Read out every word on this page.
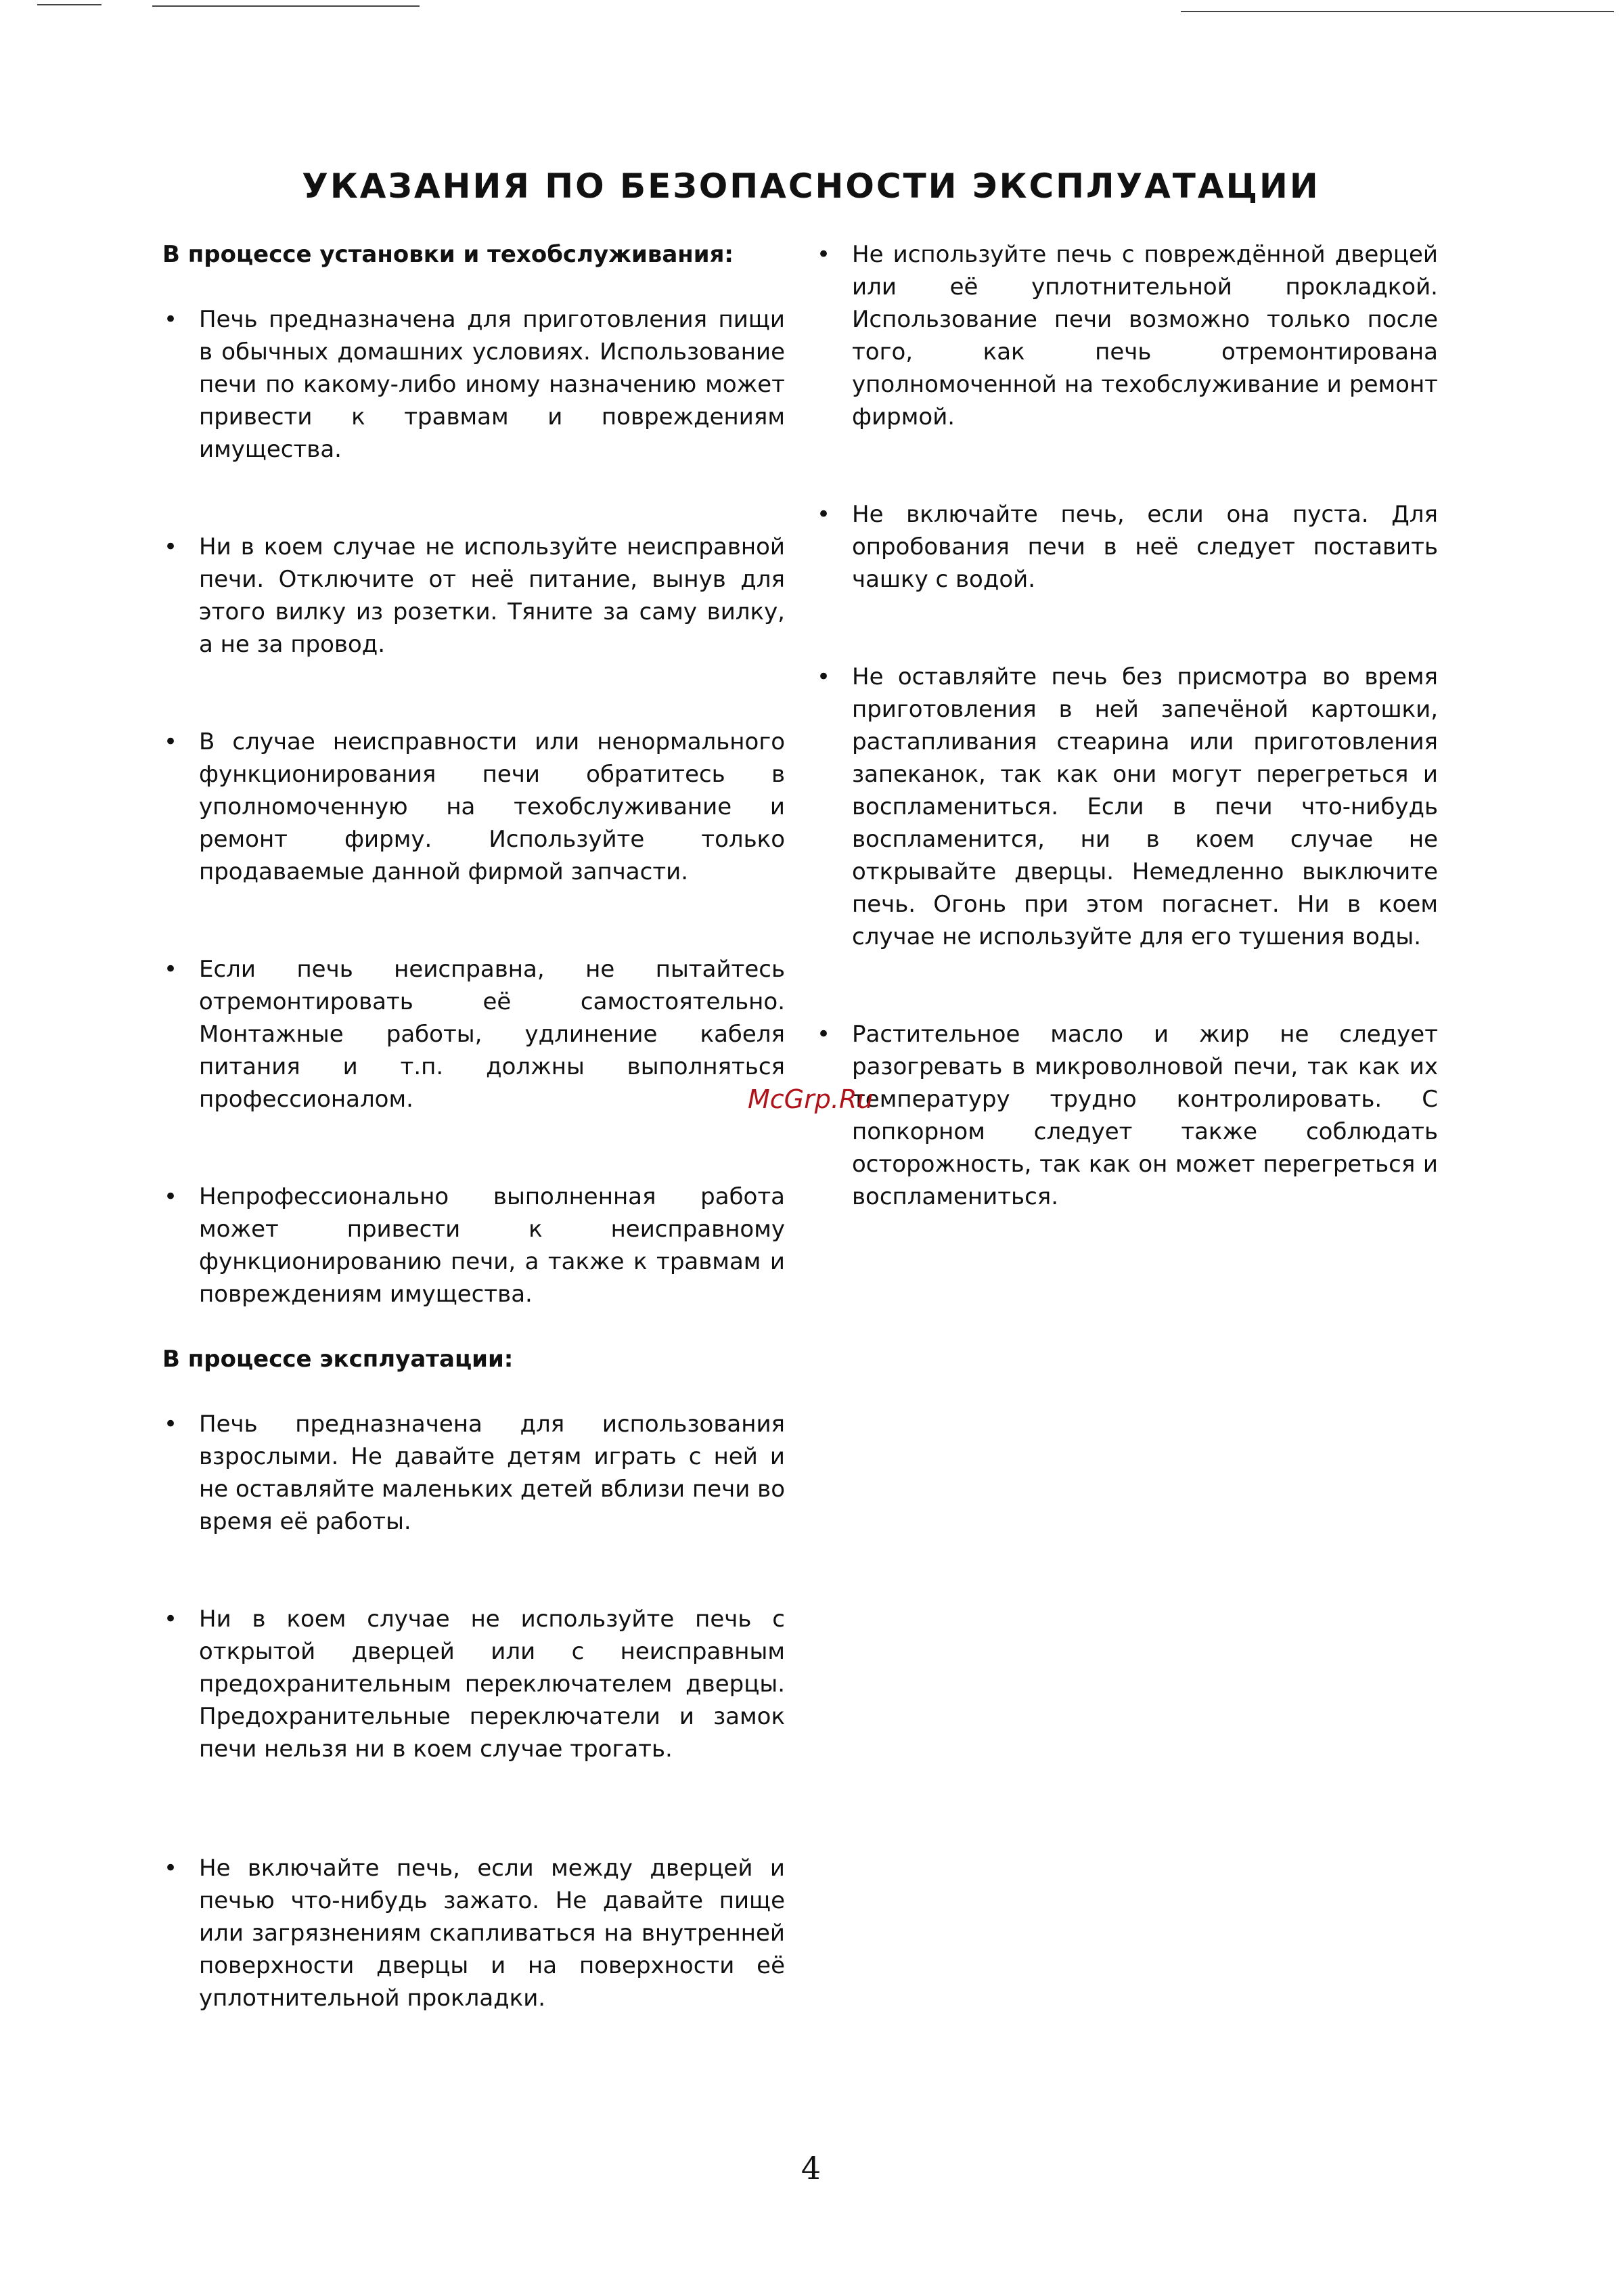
УКАЗАНИЯ ПО БЕЗОПАСНОСТИ ЭКСПЛУАТАЦИИ

В процессе установки и техобслуживания:

• Печь предназначена для приготовления пищи в обычных домашних условиях. Использование печи по какому-либо иному назначению может привести к травмам и повреждениям имущества.
• Ни в коем случае не используйте неисправной печи. Отключите от неё питание, вынув для этого вилку из розетки. Тяните за саму вилку, а не за провод.
• В случае неисправности или ненормального функционирования печи обратитесь в уполномоченную на техобслуживание и ремонт фирму. Используйте только продаваемые данной фирмой запчасти.
• Если печь неисправна, не пытайтесь отремонтировать её самостоятельно. Монтажные работы, удлинение кабеля питания и т.п. должны выполняться профессионалом.
• Непрофессионально выполненная работа может привести к неисправному функционированию печи, а также к травмам и повреждениям имущества.

В процессе эксплуатации:

• Печь предназначена для использования взрослыми. Не давайте детям играть с ней и не оставляйте маленьких детей вблизи печи во время её работы.
• Ни в коем случае не используйте печь с открытой дверцей или с неисправным предохранительным переключателем дверцы. Предохранительные переключатели и замок печи нельзя ни в коем случае трогать.
• Не включайте печь, если между дверцей и печью что-нибудь зажато. Не давайте пище или загрязнениям скапливаться на внутренней поверхности дверцы и на поверхности её уплотнительной прокладки.
• Не используйте печь с повреждённой дверцей или её уплотнительной прокладкой. Использование печи возможно только после того, как печь отремонтирована уполномоченной на техобслуживание и ремонт фирмой.
• Не включайте печь, если она пуста. Для опробования печи в неё следует поставить чашку с водой.
• Не оставляйте печь без присмотра во время приготовления в ней запечёной картошки, растапливания стеарина или приготовления запеканок, так как они могут перегреться и воспламениться. Если в печи что-нибудь воспламенится, ни в коем случае не открывайте дверцы. Немедленно выключите печь. Огонь при этом погаснет. Ни в коем случае не используйте для его тушения воды.
• Растительное масло и жир не следует разогревать в микроволновой печи, так как их температуру трудно контролировать. С попкорном следует также соблюдать осторожность, так как он может перегреться и воспламениться.
McGrp.Ru
4
